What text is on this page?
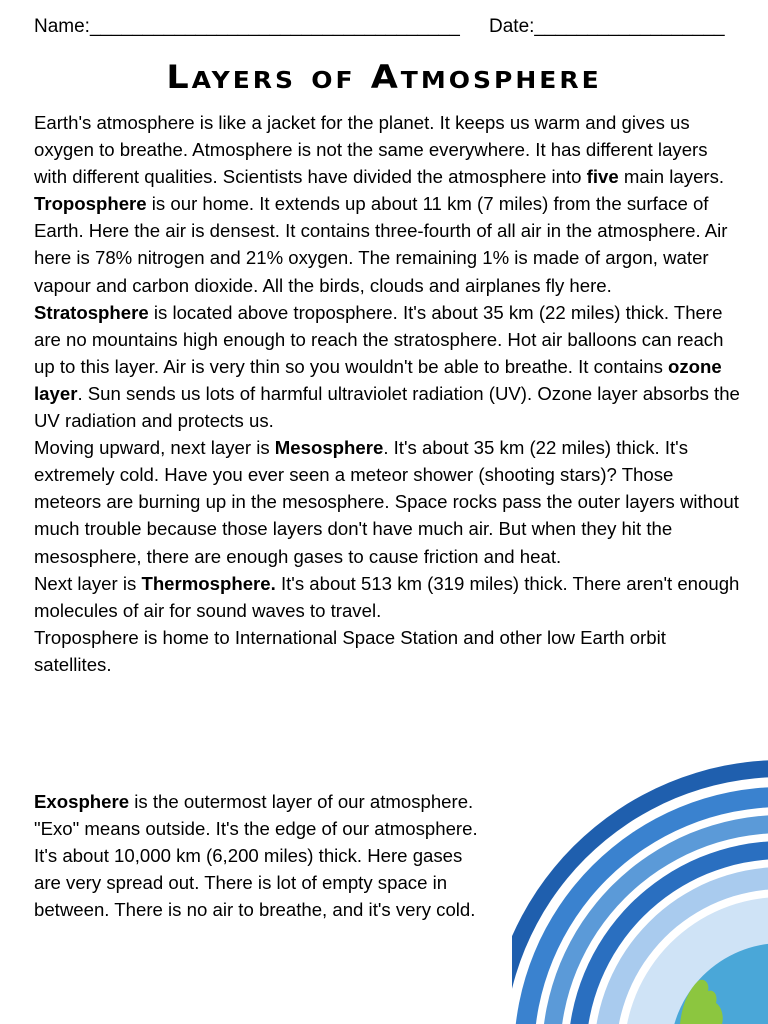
Name:___________________________________ Date:__________________
Layers of Atmosphere

Earth's atmosphere is like a jacket for the planet. It keeps us warm and gives us oxygen to breathe. Atmosphere is not the same everywhere. It has different layers with different qualities. Scientists have divided the atmosphere into five main layers.

Troposphere is our home. It extends up about 11 km (7 miles) from the surface of Earth. Here the air is densest. It contains three-fourth of all air in the atmosphere. Air here is 78% nitrogen and 21% oxygen. The remaining 1% is made of argon, water vapour and carbon dioxide. All the birds, clouds and airplanes fly here.

Stratosphere is located above troposphere. It's about 35 km (22 miles) thick. There are no mountains high enough to reach the stratosphere. Hot air balloons can reach up to this layer. Air is very thin so you wouldn't be able to breathe. It contains ozone layer. Sun sends us lots of harmful ultraviolet radiation (UV). Ozone layer absorbs the UV radiation and protects us.

Moving upward, next layer is Mesosphere. It's about 35 km (22 miles) thick. It's extremely cold. Have you ever seen a meteor shower (shooting stars)? Those meteors are burning up in the mesosphere. Space rocks pass the outer layers without much trouble because those layers don't have much air. But when they hit the mesosphere, there are enough gases to cause friction and heat.

Next layer is Thermosphere. It's about 513 km (319 miles) thick. There aren't enough molecules of air for sound waves to travel.

Troposphere is home to International Space Station and other low Earth orbit satellites.

Exosphere is the outermost layer of our atmosphere. "Exo" means outside. It's the edge of our atmosphere. It's about 10,000 km (6,200 miles) thick. Here gases are very spread out. There is lot of empty space in between. There is no air to breathe, and it's very cold.
